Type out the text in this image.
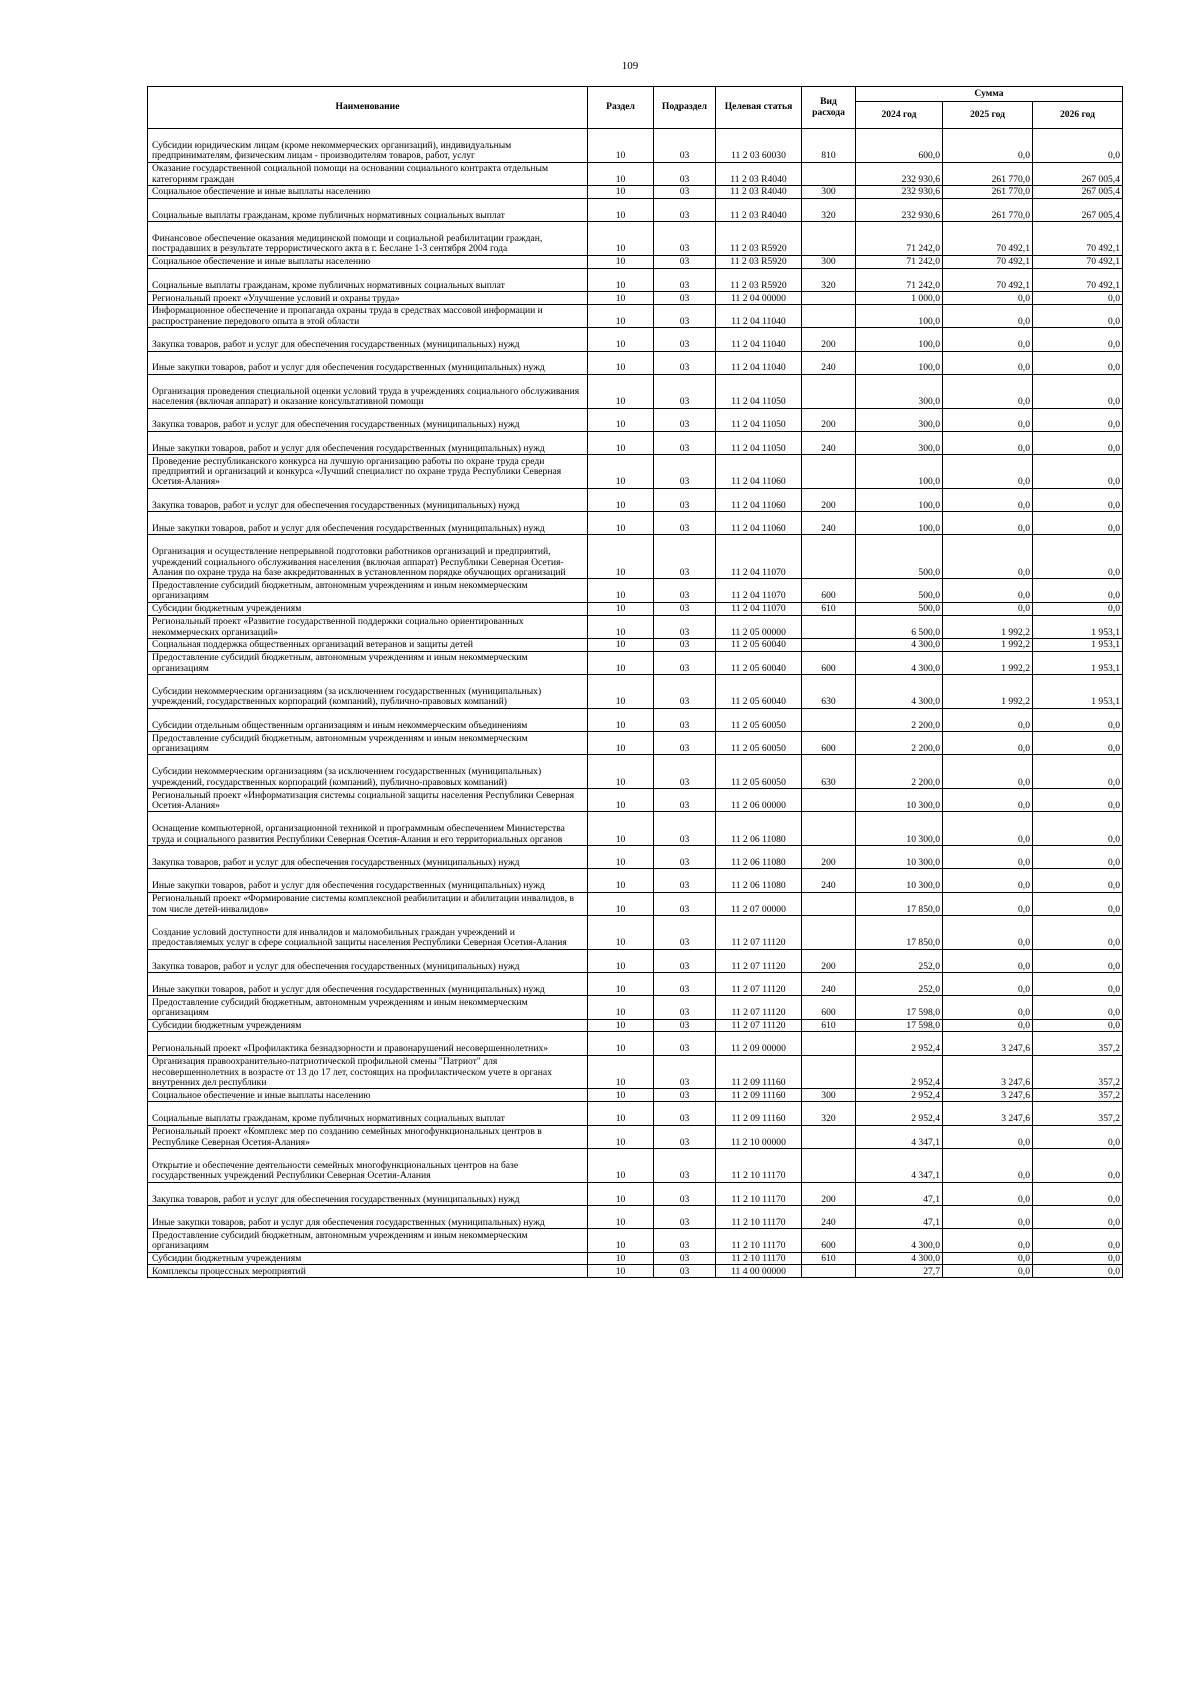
109
Наименование	Раздел	Подраздел	Целевая статья	Вид расхода	Сумма		
					2024 год	2025 год	2026 год
Субсидии юридическим лицам (кроме некоммерческих организаций), индивидуальным предпринимателям, физическим лицам - производителям товаров, работ, услуг	10	03	11 2 03 60030	810	600,0	0,0	0,0
Оказание государственной социальной помощи на основании социального контракта отдельным категориям граждан	10	03	11 2 03 R4040		232 930,6	261 770,0	267 005,4
Социальное обеспечение и иные выплаты населению	10	03	11 2 03 R4040	300	232 930,6	261 770,0	267 005,4
Социальные выплаты гражданам, кроме публичных нормативных социальных выплат	10	03	11 2 03 R4040	320	232 930,6	261 770,0	267 005,4
Финансовое обеспечение оказания медицинской помощи и социальной реабилитации граждан, пострадавших в результате террористического акта в г. Беслане 1-3 сентября 2004 года	10	03	11 2 03 R5920		71 242,0	70 492,1	70 492,1
Социальное обеспечение и иные выплаты населению	10	03	11 2 03 R5920	300	71 242,0	70 492,1	70 492,1
Социальные выплаты гражданам, кроме публичных нормативных социальных выплат	10	03	11 2 03 R5920	320	71 242,0	70 492,1	70 492,1
Региональный проект «Улучшение условий и охраны труда»	10	03	11 2 04 00000		1 000,0	0,0	0,0
Информационное обеспечение и пропаганда охраны труда в средствах массовой информации и распространение передового опыта в этой области	10	03	11 2 04 11040		100,0	0,0	0,0
Закупка товаров, работ и услуг для обеспечения государственных (муниципальных) нужд	10	03	11 2 04 11040	200	100,0	0,0	0,0
Иные закупки товаров, работ и услуг для обеспечения государственных (муниципальных) нужд	10	03	11 2 04 11040	240	100,0	0,0	0,0
Организация проведения специальной оценки условий труда в учреждениях социального обслуживания населения (включая аппарат) и оказание консультативной помощи	10	03	11 2 04 11050		300,0	0,0	0,0
Закупка товаров, работ и услуг для обеспечения государственных (муниципальных) нужд	10	03	11 2 04 11050	200	300,0	0,0	0,0
Иные закупки товаров, работ и услуг для обеспечения государственных (муниципальных) нужд	10	03	11 2 04 11050	240	300,0	0,0	0,0
Проведение республиканского конкурса на лучшую организацию работы по охране труда среди предприятий и организаций и конкурса «Лучший специалист по охране труда Республики Северная Осетия-Алания»	10	03	11 2 04 11060		100,0	0,0	0,0
Закупка товаров, работ и услуг для обеспечения государственных (муниципальных) нужд	10	03	11 2 04 11060	200	100,0	0,0	0,0
Иные закупки товаров, работ и услуг для обеспечения государственных (муниципальных) нужд	10	03	11 2 04 11060	240	100,0	0,0	0,0
Организация и осуществление непрерывной подготовки работников организаций и предприятий, учреждений социального обслуживания населения (включая аппарат) Республики Северная Осетия-Алания по охране труда на базе аккредитованных в установленном порядке обучающих организаций	10	03	11 2 04 11070		500,0	0,0	0,0
Предоставление субсидий бюджетным, автономным учреждениям и иным некоммерческим организациям	10	03	11 2 04 11070	600	500,0	0,0	0,0
Субсидии бюджетным учреждениям	10	03	11 2 04 11070	610	500,0	0,0	0,0
Региональный проект «Развитие государственной поддержки социально ориентированных некоммерческих организаций»	10	03	11 2 05 00000		6 500,0	1 992,2	1 953,1
Социальная поддержка общественных организаций ветеранов и защиты детей	10	03	11 2 05 60040		4 300,0	1 992,2	1 953,1
Предоставление субсидий бюджетным, автономным учреждениям и иным некоммерческим организациям	10	03	11 2 05 60040	600	4 300,0	1 992,2	1 953,1
Субсидии некоммерческим организациям (за исключением государственных (муниципальных) учреждений, государственных корпораций (компаний), публично-правовых компаний)	10	03	11 2 05 60040	630	4 300,0	1 992,2	1 953,1
Субсидии отдельным общественным организациям и иным некоммерческим объединениям	10	03	11 2 05 60050		2 200,0	0,0	0,0
Предоставление субсидий бюджетным, автономным учреждениям и иным некоммерческим организациям	10	03	11 2 05 60050	600	2 200,0	0,0	0,0
Субсидии некоммерческим организациям (за исключением государственных (муниципальных) учреждений, государственных корпораций (компаний), публично-правовых компаний)	10	03	11 2 05 60050	630	2 200,0	0,0	0,0
Региональный проект «Информатизация системы социальной защиты населения Республики Северная Осетия-Алания»	10	03	11 2 06 00000		10 300,0	0,0	0,0
Оснащение компьютерной, организационной техникой и программным обеспечением Министерства труда и социального развития Республики Северная Осетия-Алания и его территориальных органов	10	03	11 2 06 11080		10 300,0	0,0	0,0
Закупка товаров, работ и услуг для обеспечения государственных (муниципальных) нужд	10	03	11 2 06 11080	200	10 300,0	0,0	0,0
Иные закупки товаров, работ и услуг для обеспечения государственных (муниципальных) нужд	10	03	11 2 06 11080	240	10 300,0	0,0	0,0
Региональный проект «Формирование системы комплексной реабилитации и абилитации инвалидов, в том числе детей-инвалидов»	10	03	11 2 07 00000		17 850,0	0,0	0,0
Создание условий доступности для инвалидов и маломобильных граждан учреждений и предоставляемых услуг в сфере социальной защиты населения Республики Северная Осетия-Алания	10	03	11 2 07 11120		17 850,0	0,0	0,0
Закупка товаров, работ и услуг для обеспечения государственных (муниципальных) нужд	10	03	11 2 07 11120	200	252,0	0,0	0,0
Иные закупки товаров, работ и услуг для обеспечения государственных (муниципальных) нужд	10	03	11 2 07 11120	240	252,0	0,0	0,0
Предоставление субсидий бюджетным, автономным учреждениям и иным некоммерческим организациям	10	03	11 2 07 11120	600	17 598,0	0,0	0,0
Субсидии бюджетным учреждениям	10	03	11 2 07 11120	610	17 598,0	0,0	0,0
Региональный проект «Профилактика безнадзорности и правонарушений несовершеннолетних»	10	03	11 2 09 00000		2 952,4	3 247,6	357,2
Организация правоохранительно-патриотической профильной смены "Патриот" для несовершеннолетних в возрасте от 13 до 17 лет, состоящих на профилактическом учете в органах внутренних дел республики	10	03	11 2 09 11160		2 952,4	3 247,6	357,2
Социальное обеспечение и иные выплаты населению	10	03	11 2 09 11160	300	2 952,4	3 247,6	357,2
Социальные выплаты гражданам, кроме публичных нормативных социальных выплат	10	03	11 2 09 11160	320	2 952,4	3 247,6	357,2
Региональный проект «Комплекс мер по созданию семейных многофункциональных центров в Республике Северная Осетия-Алания»	10	03	11 2 10 00000		4 347,1	0,0	0,0
Открытие и обеспечение деятельности семейных многофункциональных центров на базе государственных учреждений Республики Северная Осетия-Алания	10	03	11 2 10 11170		4 347,1	0,0	0,0
Закупка товаров, работ и услуг для обеспечения государственных (муниципальных) нужд	10	03	11 2 10 11170	200	47,1	0,0	0,0
Иные закупки товаров, работ и услуг для обеспечения государственных (муниципальных) нужд	10	03	11 2 10 11170	240	47,1	0,0	0,0
Предоставление субсидий бюджетным, автономным учреждениям и иным некоммерческим организациям	10	03	11 2 10 11170	600	4 300,0	0,0	0,0
Субсидии бюджетным учреждениям	10	03	11 2 10 11170	610	4 300,0	0,0	0,0
Комплексы процессных мероприятий	10	03	11 4 00 00000		27,7	0,0	0,0
